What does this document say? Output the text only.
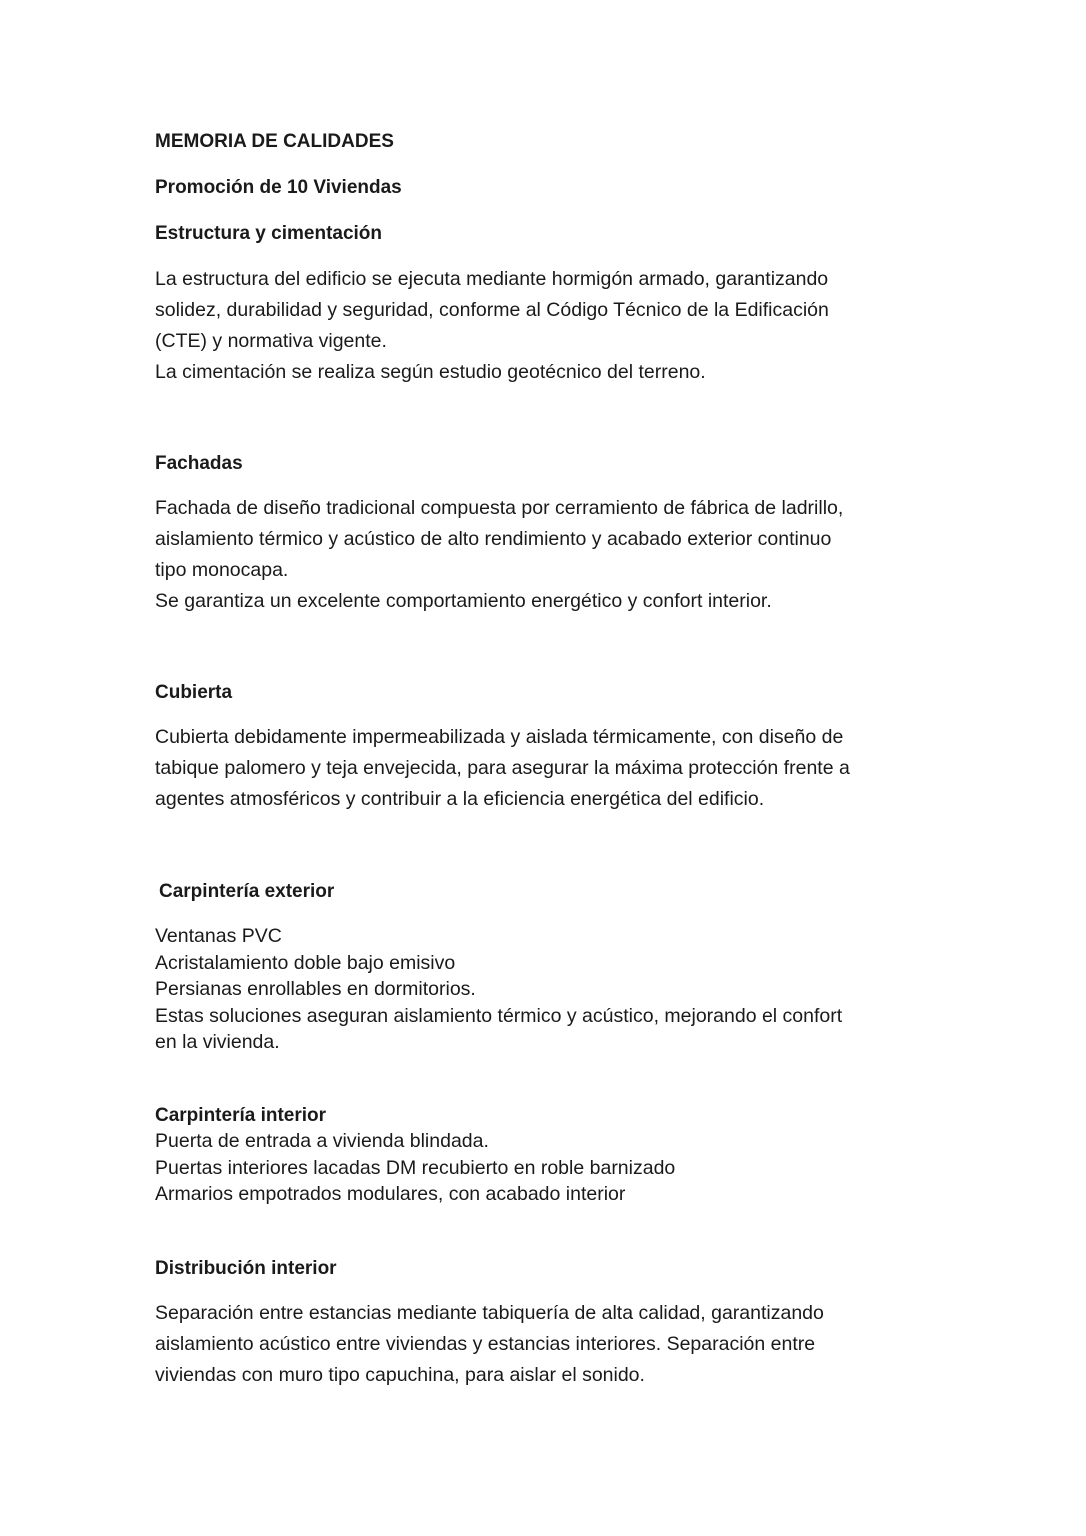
MEMORIA DE CALIDADES
Promoción de 10 Viviendas
Estructura y cimentación
La estructura del edificio se ejecuta mediante hormigón armado, garantizando
solidez, durabilidad y seguridad, conforme al Código Técnico de la Edificación
(CTE) y normativa vigente.
La cimentación se realiza según estudio geotécnico del terreno.
Fachadas
Fachada de diseño tradicional compuesta por cerramiento de fábrica de ladrillo,
aislamiento térmico y acústico de alto rendimiento y acabado exterior continuo
tipo monocapa.
Se garantiza un excelente comportamiento energético y confort interior.
Cubierta
Cubierta debidamente impermeabilizada y aislada térmicamente, con diseño de
tabique palomero y teja envejecida, para asegurar la máxima protección frente a
agentes atmosféricos y contribuir a la eficiencia energética del edificio.
Carpintería exterior
Ventanas PVC
Acristalamiento doble bajo emisivo
Persianas enrollables en dormitorios.
Estas soluciones aseguran aislamiento térmico y acústico, mejorando el confort
en la vivienda.
Carpintería interior
Puerta de entrada a vivienda blindada.
Puertas interiores lacadas DM recubierto en roble barnizado
Armarios empotrados modulares, con acabado interior
Distribución interior
Separación entre estancias mediante tabiquería de alta calidad, garantizando
aislamiento acústico entre viviendas y estancias interiores. Separación entre
viviendas con muro tipo capuchina, para aislar el sonido.
